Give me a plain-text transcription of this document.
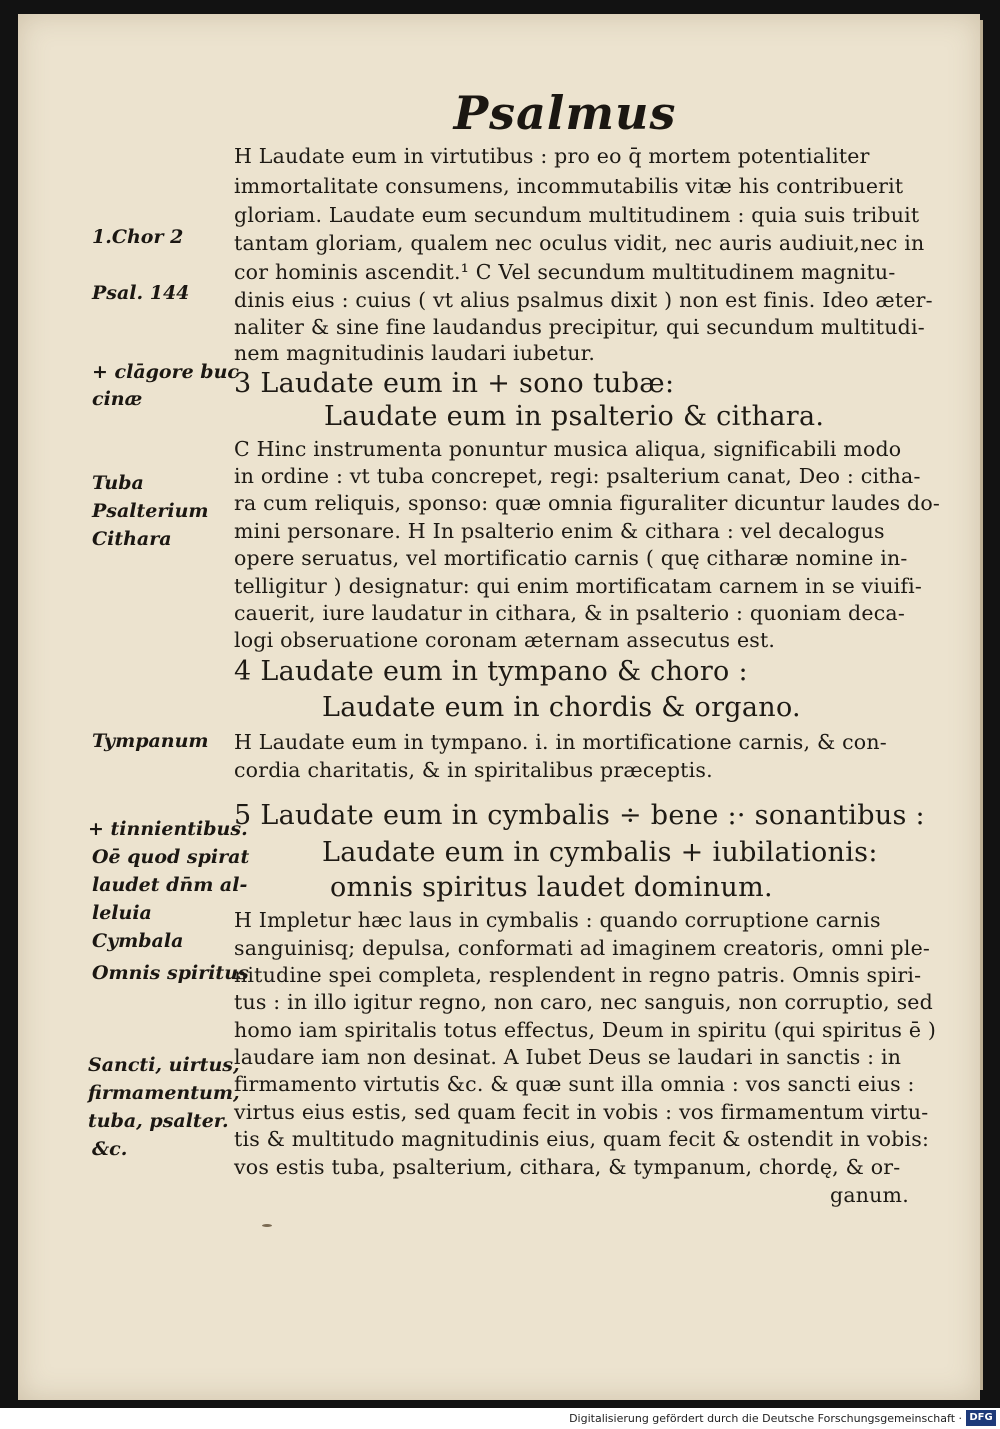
Psalmus
H Laudate eum in virtutibus : pro eo q̄ mortem potentialiter
immortalitate consumens, incommutabilis vitæ his contribuerit
gloriam. Laudate eum secundum multitudinem : quia suis tribuit
tantam gloriam, qualem nec oculus vidit, nec auris audiuit,nec in
cor hominis ascendit.¹ C Vel secundum multitudinem magnitu-
dinis eius : cuius ( vt alius psalmus dixit ) non est finis. Ideo æter-
naliter & sine fine laudandus precipitur, qui secundum multitudi-
nem magnitudinis laudari iubetur.
3 Laudate eum in + sono tubæ:
Laudate eum in psalterio & cithara.
C Hinc instrumenta ponuntur musica aliqua, significabili modo
in ordine : vt tuba concrepet, regi: psalterium canat, Deo : citha-
ra cum reliquis, sponso: quæ omnia figuraliter dicuntur laudes do-
mini personare. H In psalterio enim & cithara : vel decalogus
opere seruatus, vel mortificatio carnis ( quę citharæ nomine in-
telligitur ) designatur: qui enim mortificatam carnem in se viuifi-
cauerit, iure laudatur in cithara, & in psalterio : quoniam deca-
logi obseruatione coronam æternam assecutus est.
4 Laudate eum in tympano & choro :
Laudate eum in chordis & organo.
H Laudate eum in tympano. i. in mortificatione carnis, & con-
cordia charitatis, & in spiritalibus præceptis.
5 Laudate eum in cymbalis ÷ bene :· sonantibus :
Laudate eum in cymbalis + iubilationis:
omnis spiritus laudet dominum.
H Impletur hæc laus in cymbalis : quando corruptione carnis
sanguinisq; depulsa, conformati ad imaginem creatoris, omni ple-
nitudine spei completa, resplendent in regno patris. Omnis spiri-
tus : in illo igitur regno, non caro, nec sanguis, non corruptio, sed
homo iam spiritalis totus effectus, Deum in spiritu (qui spiritus ē )
laudare iam non desinat. A Iubet Deus se laudari in sanctis : in
firmamento virtutis &c. & quæ sunt illa omnia : vos sancti eius :
virtus eius estis, sed quam fecit in vobis : vos firmamentum virtu-
tis & multitudo magnitudinis eius, quam fecit & ostendit in vobis:
vos estis tuba, psalterium, cithara, & tympanum, chordę, & or-
ganum.
1.Chor 2
Psal. 144
+ clāgore buc
cinæ
Tuba
Psalterium
Cithara
Tympanum
+ tinnientibus.
Oē quod spirat
laudet dn̄m al-
leluia
Cymbala
Omnis spiritus
Sancti, uirtus,
firmamentum,
tuba, psalter.
&c.
Digitalisierung gefördert durch die Deutsche Forschungsgemeinschaft · DFG
